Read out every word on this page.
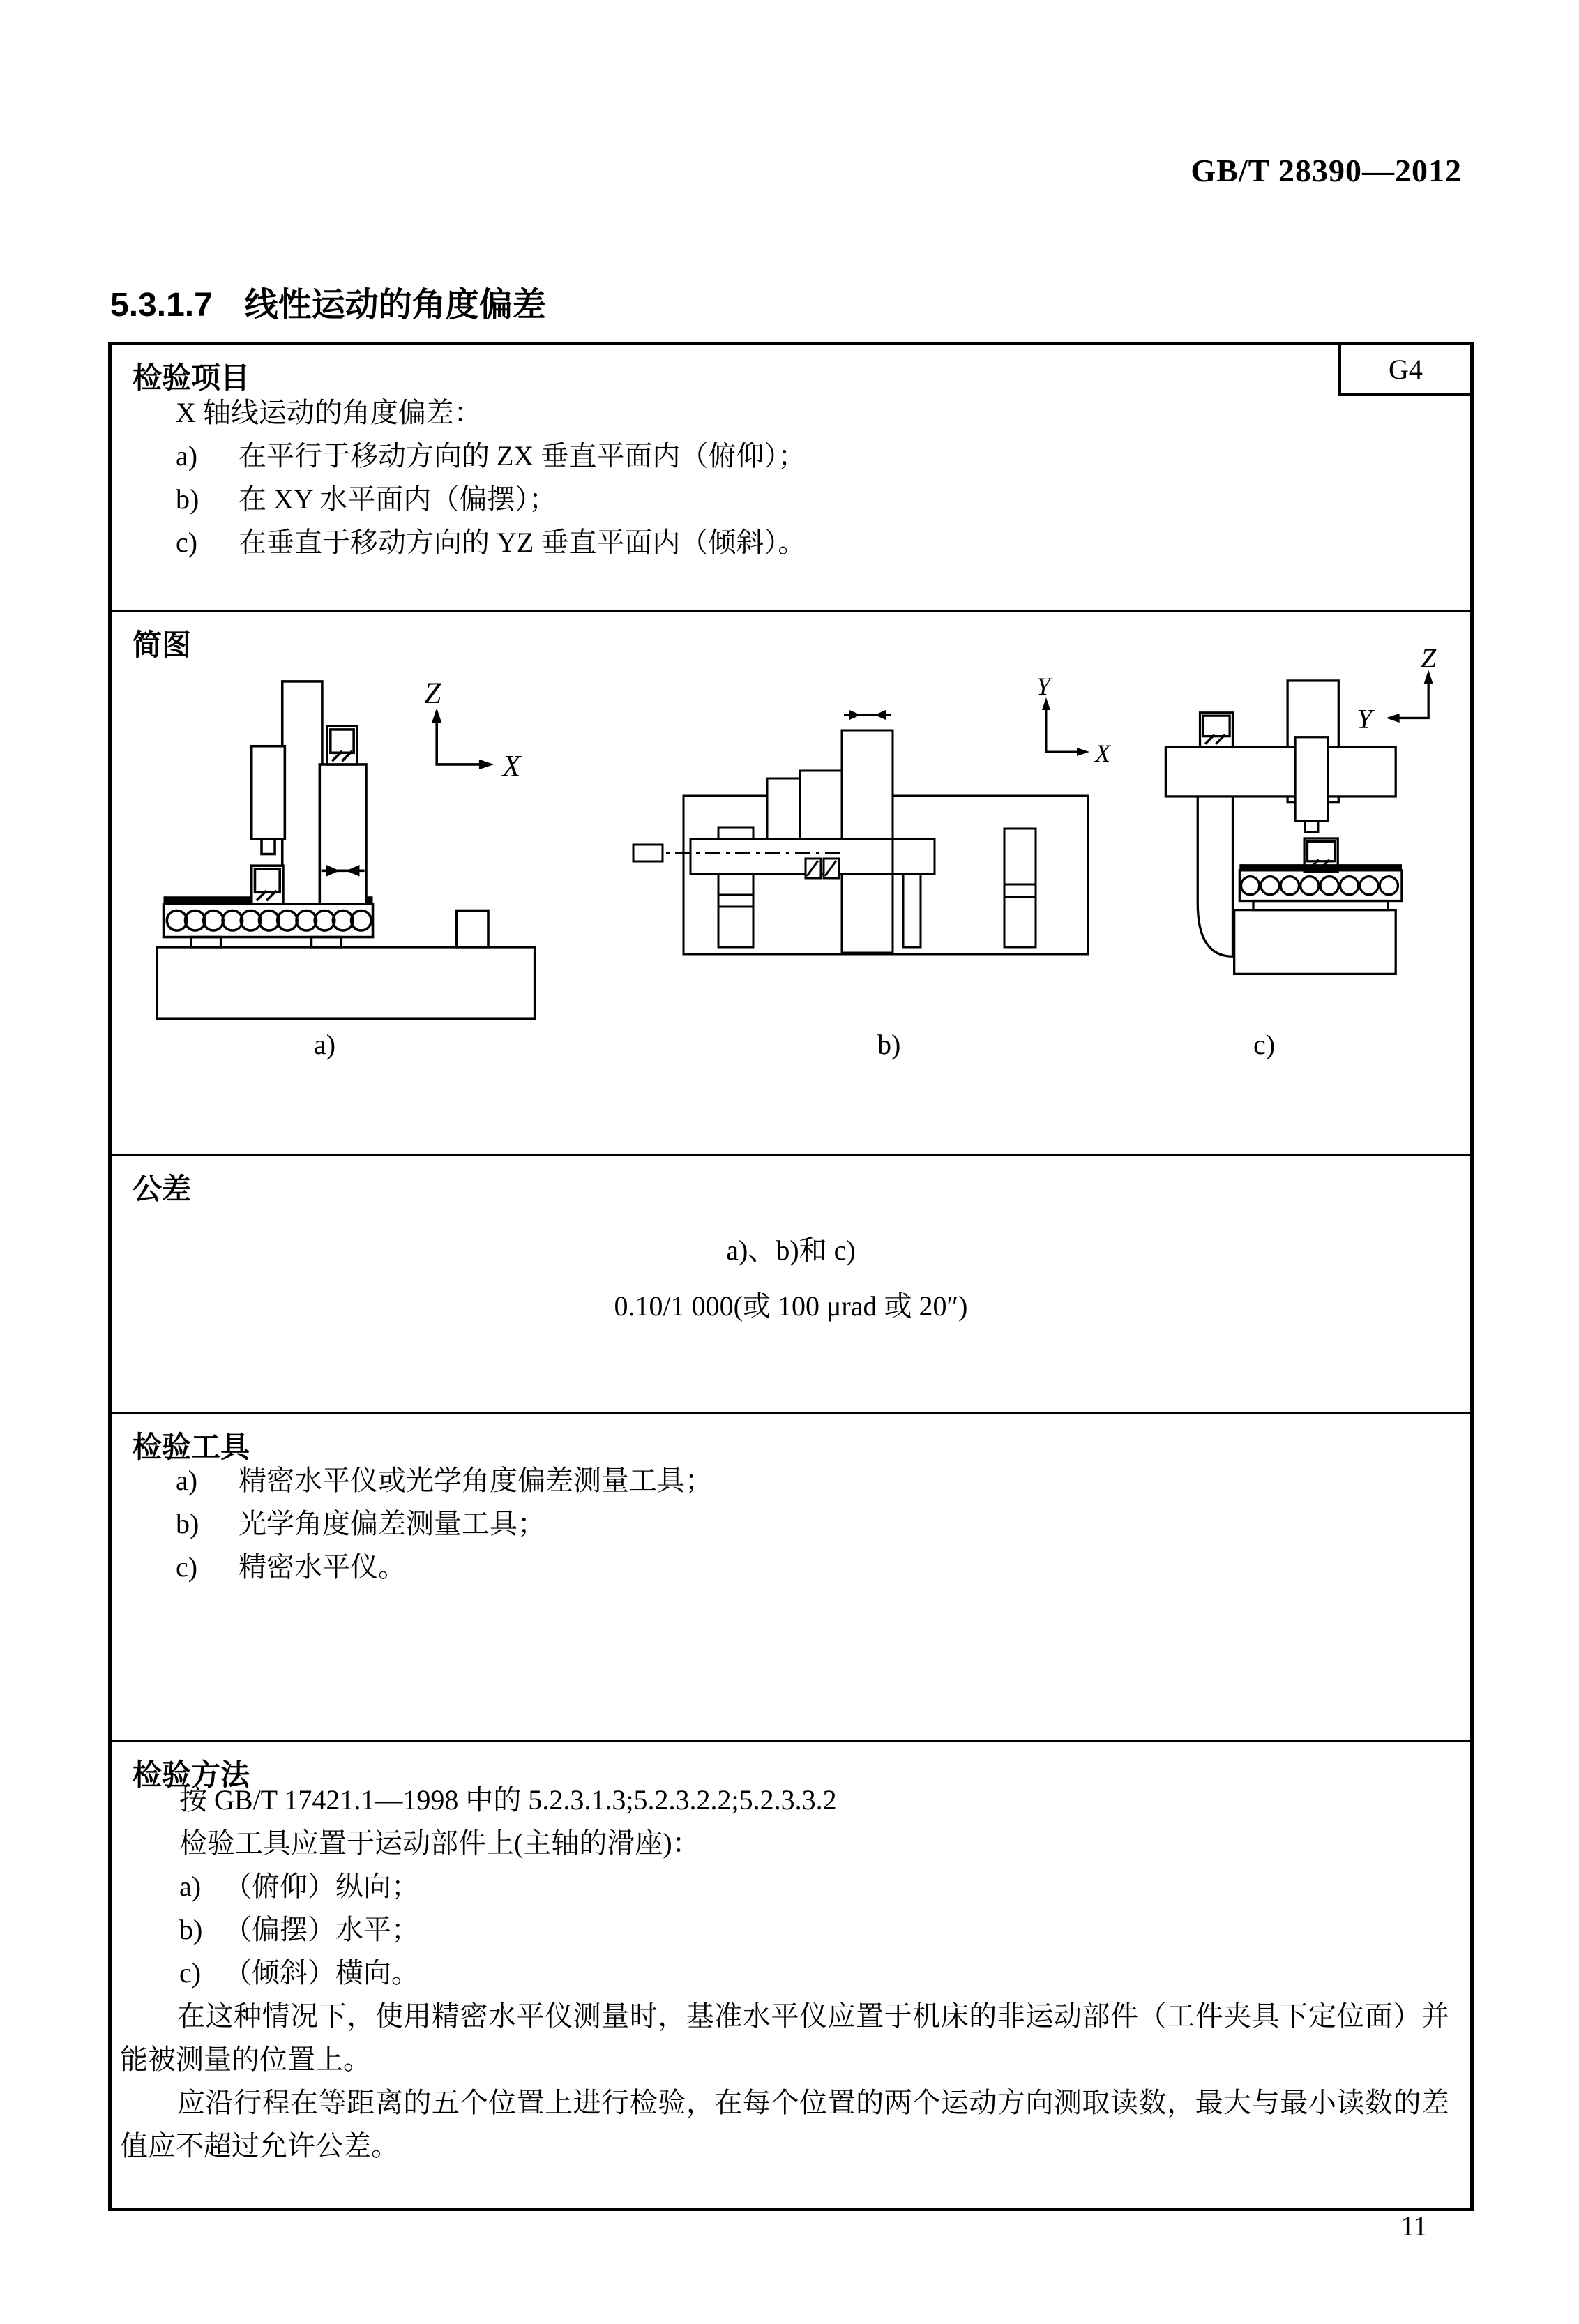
GB/T 28390—2012
5.3.1.7 线性运动的角度偏差
G4
检验项目
X 轴线运动的角度偏差：
a) 在平行于移动方向的 ZX 垂直平面内（俯仰）；
b) 在 XY 水平面内（偏摆）；
c) 在垂直于移动方向的 YZ 垂直平面内（倾斜）。
简图
Z
X
Y
X
Z
Y
a)	b)	c)
公差
a)、b)和 c)
0.10/1 000(或 100 μrad 或 20″)
检验工具
a) 精密水平仪或光学角度偏差测量工具；
b) 光学角度偏差测量工具；
c) 精密水平仪。
检验方法
按 GB/T 17421.1—1998 中的 5.2.3.1.3;5.2.3.2.2;5.2.3.3.2
检验工具应置于运动部件上(主轴的滑座)：
a) （俯仰）纵向；
b) （偏摆）水平；
c) （倾斜）横向。

在这种情况下，使用精密水平仪测量时，基准水平仪应置于机床的非运动部件（工件夹具下定位面）并能被测量的位置上。

应沿行程在等距离的五个位置上进行检验，在每个位置的两个运动方向测取读数，最大与最小读数的差值应不超过允许公差。

11
